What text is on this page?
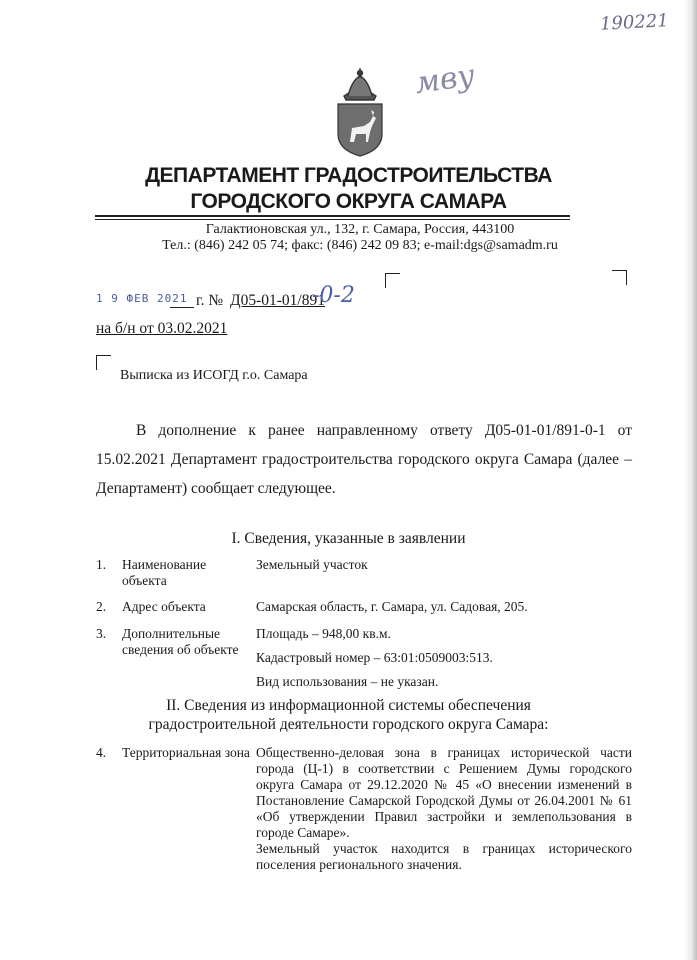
190221
мву
ДЕПАРТАМЕНТ ГРАДОСТРОИТЕЛЬСТВА
ГОРОДСКОГО ОКРУГА САМАРА
Галактионовская ул., 132, г. Самара, Россия, 443100
Тел.: (846) 242 05 74; факс: (846) 242 09 83; e-mail:dgs@samadm.ru
1 9 ФЕВ 2021 г. № Д05-01-01/891
-0-2
на б/н от 03.02.2021
Выписка из ИСОГД г.о. Самара
В дополнение к ранее направленному ответу Д05-01-01/891-0-1 от 15.02.2021 Департамент градостроительства городского округа Самара (далее – Департамент) сообщает следующее.
I. Сведения, указанные в заявлении
1. Наименование объекта
Земельный участок
2. Адрес объекта	Самарская область, г. Самара, ул. Садовая, 205.
3. Дополнительные сведения об объекте
Площадь – 948,00 кв.м.
Кадастровый номер – 63:01:0509003:513.
Вид использования – не указан.
II. Сведения из информационной системы обеспечения
градостроительной деятельности городского округа Самара:
4. Территориальная зона Общественно-деловая зона в границах исторической части города (Ц-1) в соответствии с Решением Думы городского округа Самара от 29.12.2020 № 45 «О внесении изменений в Постановление Самарской Городской Думы от 26.04.2001 № 61 «Об утверждении Правил застройки и землепользования в городе Самаре».
Земельный участок находится в границах исторического поселения регионального значения.
